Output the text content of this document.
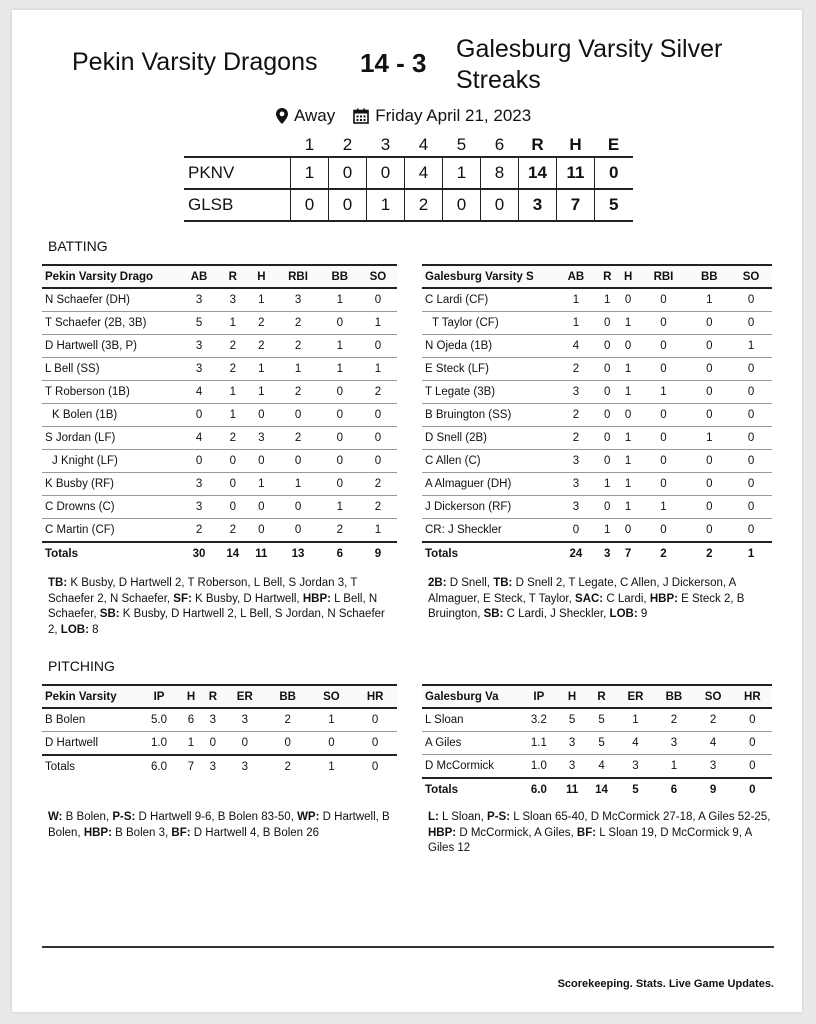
Pekin Varsity Dragons 14 - 3 Galesburg Varsity Silver Streaks
Away Friday April 21, 2023
	1	2	3	4	5	6	R	H	E
PKNV	1	0	0	4	1	8	14	11	0
GLSB	0	0	1	2	0	0	3	7	5
BATTING
Pekin Varsity Drago	AB	R	H	RBI	BB	SO
N Schaefer (DH)	3	3	1	3	1	0
T Schaefer (2B, 3B)	5	1	2	2	0	1
D Hartwell (3B, P)	3	2	2	2	1	0
L Bell (SS)	3	2	1	1	1	1
T Roberson (1B)	4	1	1	2	0	2
K Bolen (1B)	0	1	0	0	0	0
S Jordan (LF)	4	2	3	2	0	0
J Knight (LF)	0	0	0	0	0	0
K Busby (RF)	3	0	1	1	0	2
C Drowns (C)	3	0	0	0	1	2
C Martin (CF)	2	2	0	0	2	1
Totals	30	14	11	13	6	9
Galesburg Varsity S	AB	R	H	RBI	BB	SO
C Lardi (CF)	1	1	0	0	1	0
T Taylor (CF)	1	0	1	0	0	0
N Ojeda (1B)	4	0	0	0	0	1
E Steck (LF)	2	0	1	0	0	0
T Legate (3B)	3	0	1	1	0	0
B Bruington (SS)	2	0	0	0	0	0
D Snell (2B)	2	0	1	0	1	0
C Allen (C)	3	0	1	0	0	0
A Almaguer (DH)	3	1	1	0	0	0
J Dickerson (RF)	3	0	1	1	0	0
CR: J Sheckler	0	1	0	0	0	0
Totals	24	3	7	2	2	1
TB: K Busby, D Hartwell 2, T Roberson, L Bell, S Jordan 3, T Schaefer 2, N Schaefer, SF: K Busby, D Hartwell, HBP: L Bell, N Schaefer, SB: K Busby, D Hartwell 2, L Bell, S Jordan, N Schaefer 2, LOB: 8
2B: D Snell, TB: D Snell 2, T Legate, C Allen, J Dickerson, A Almaguer, E Steck, T Taylor, SAC: C Lardi, HBP: E Steck 2, B Bruington, SB: C Lardi, J Sheckler, LOB: 9
PITCHING
Pekin Varsity	IP	H	R	ER	BB	SO	HR
B Bolen	5.0	6	3	3	2	1	0
D Hartwell	1.0	1	0	0	0	0	0
Totals	6.0	7	3	3	2	1	0
Galesburg Va	IP	H	R	ER	BB	SO	HR
L Sloan	3.2	5	5	1	2	2	0
A Giles	1.1	3	5	4	3	4	0
D McCormick	1.0	3	4	3	1	3	0
Totals	6.0	11	14	5	6	9	0
W: B Bolen, P-S: D Hartwell 9-6, B Bolen 83-50, WP: D Hartwell, B Bolen, HBP: B Bolen 3, BF: D Hartwell 4, B Bolen 26
L: L Sloan, P-S: L Sloan 65-40, D McCormick 27-18, A Giles 52-25, HBP: D McCormick, A Giles, BF: L Sloan 19, D McCormick 9, A Giles 12
Scorekeeping. Stats. Live Game Updates.
